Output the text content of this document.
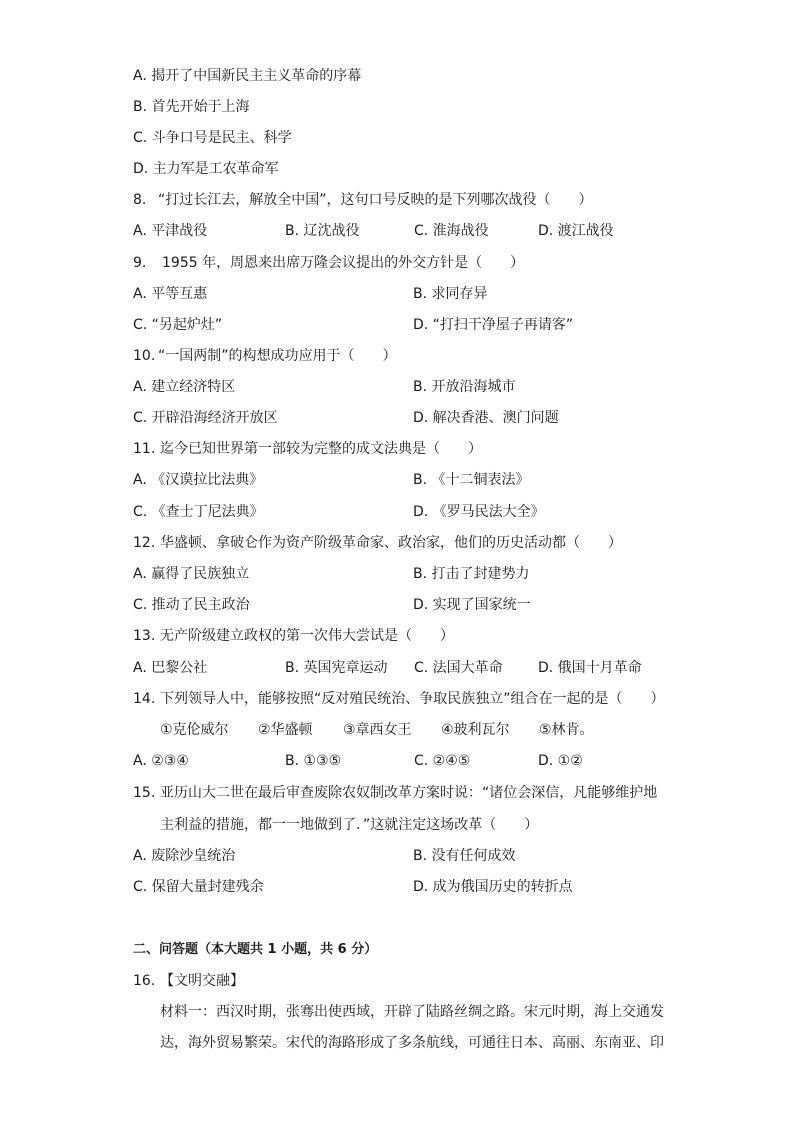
A. 揭开了中国新民主主义革命的序幕
B. 首先开始于上海
C. 斗争口号是民主、科学
D. 主力军是工农革命军
8. “打过长江去，解放全中国”，这句口号反映的是下列哪次战役（　　）
A. 平津战役	B. 辽沈战役	C. 淮海战役	D. 渡江战役
9. 1955 年，周恩来出席万隆会议提出的外交方针是（　　）
A. 平等互惠	B. 求同存异
C. “另起炉灶”	D. “打扫干净屋子再请客”
10. “一国两制”的构想成功应用于（　　）
A. 建立经济特区	B. 开放沿海城市
C. 开辟沿海经济开放区	D. 解决香港、澳门问题
11. 迄今已知世界第一部较为完整的成文法典是（　　）
A. 《汉谟拉比法典》	B. 《十二铜表法》
C. 《查士丁尼法典》	D. 《罗马民法大全》
12. 华盛顿、拿破仑作为资产阶级革命家、政治家，他们的历史活动都（　　）
A. 赢得了民族独立	B. 打击了封建势力
C. 推动了民主政治	D. 实现了国家统一
13. 无产阶级建立政权的第一次伟大尝试是（　　）
A. 巴黎公社	B. 英国宪章运动 C. 法国大革命	D. 俄国十月革命
14. 下列领导人中，能够按照“反对殖民统治、争取民族独立”组合在一起的是（　　）
①克伦威尔 ②华盛顿 ③章西女王 ④玻利瓦尔 ⑤林肯。
A. ②③④	B. ①③⑤	C. ②④⑤	D. ①②
15. 亚历山大二世在最后审查废除农奴制改革方案时说：“诸位会深信，凡能够维护地
主利益的措施，都一一地做到了．”这就注定这场改革（　　）
A. 废除沙皇统治	B. 没有任何成效
C. 保留大量封建残余	D. 成为俄国历史的转折点
二、问答题（本大题共 1 小题，共 6 分）
16. 【文明交融】
材料一：西汉时期，张骞出使西域，开辟了陆路丝绸之路。宋元时期，海上交通发
达，海外贸易繁荣。宋代的海路形成了多条航线，可通往日本、高丽、东南亚、印
